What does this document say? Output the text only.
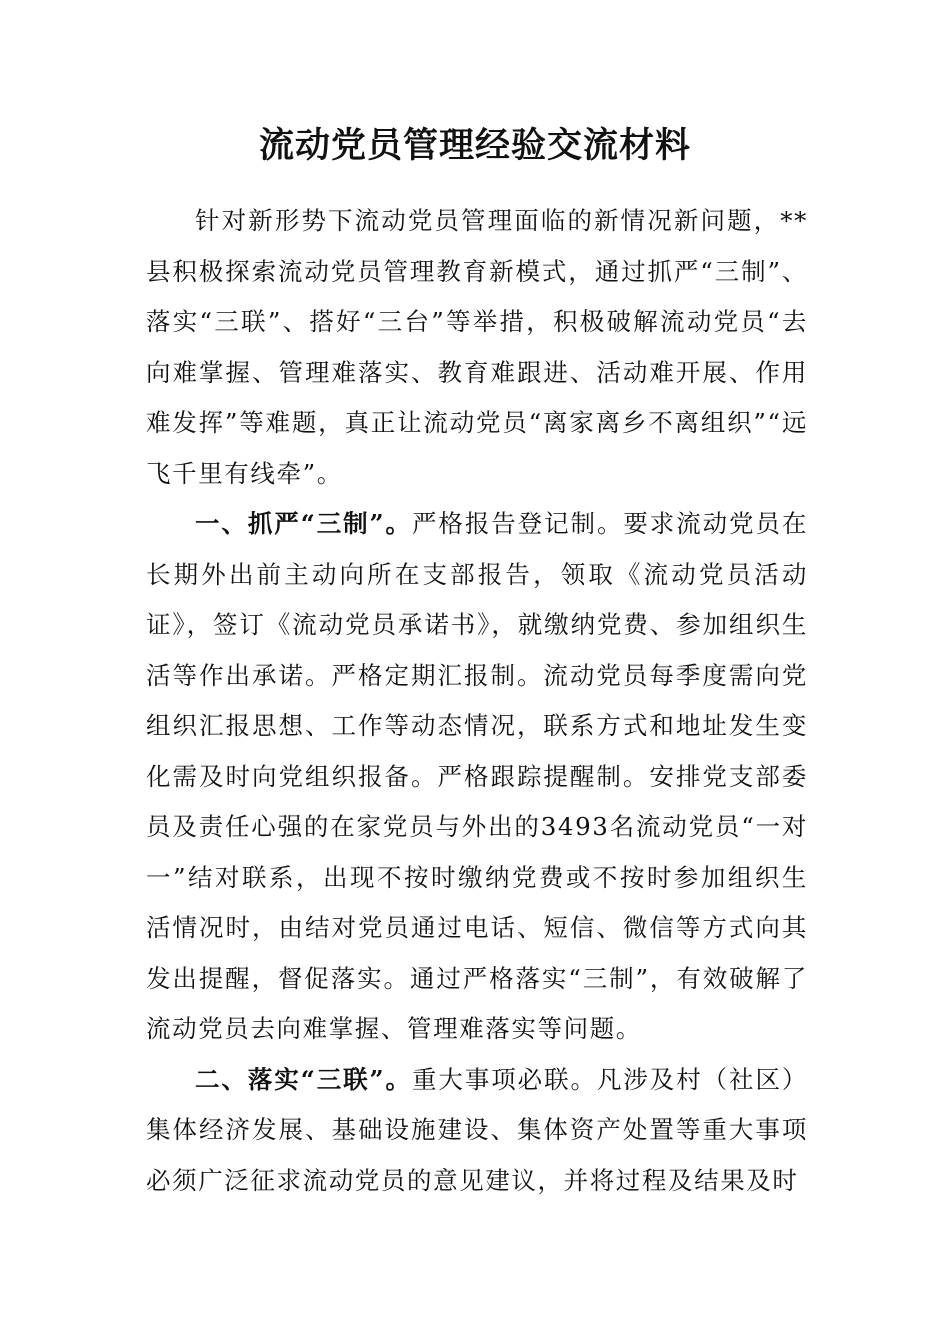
流动党员管理经验交流材料

针对新形势下流动党员管理面临的新情况新问题，**县积极探索流动党员管理教育新模式，通过抓严“三制”、落实“三联”、搭好“三台”等举措，积极破解流动党员“去向难掌握、管理难落实、教育难跟进、活动难开展、作用难发挥”等难题，真正让流动党员“离家离乡不离组织”“远飞千里有线牵”。

一、抓严“三制”。严格报告登记制。要求流动党员在长期外出前主动向所在支部报告，领取《流动党员活动证》，签订《流动党员承诺书》，就缴纳党费、参加组织生活等作出承诺。严格定期汇报制。流动党员每季度需向党组织汇报思想、工作等动态情况，联系方式和地址发生变化需及时向党组织报备。严格跟踪提醒制。安排党支部委员及责任心强的在家党员与外出的3493名流动党员“一对一”结对联系，出现不按时缴纳党费或不按时参加组织生活情况时，由结对党员通过电话、短信、微信等方式向其发出提醒，督促落实。通过严格落实“三制”，有效破解了流动党员去向难掌握、管理难落实等问题。

二、落实“三联”。重大事项必联。凡涉及村（社区）集体经济发展、基础设施建设、集体资产处置等重大事项必须广泛征求流动党员的意见建议，并将过程及结果及时
